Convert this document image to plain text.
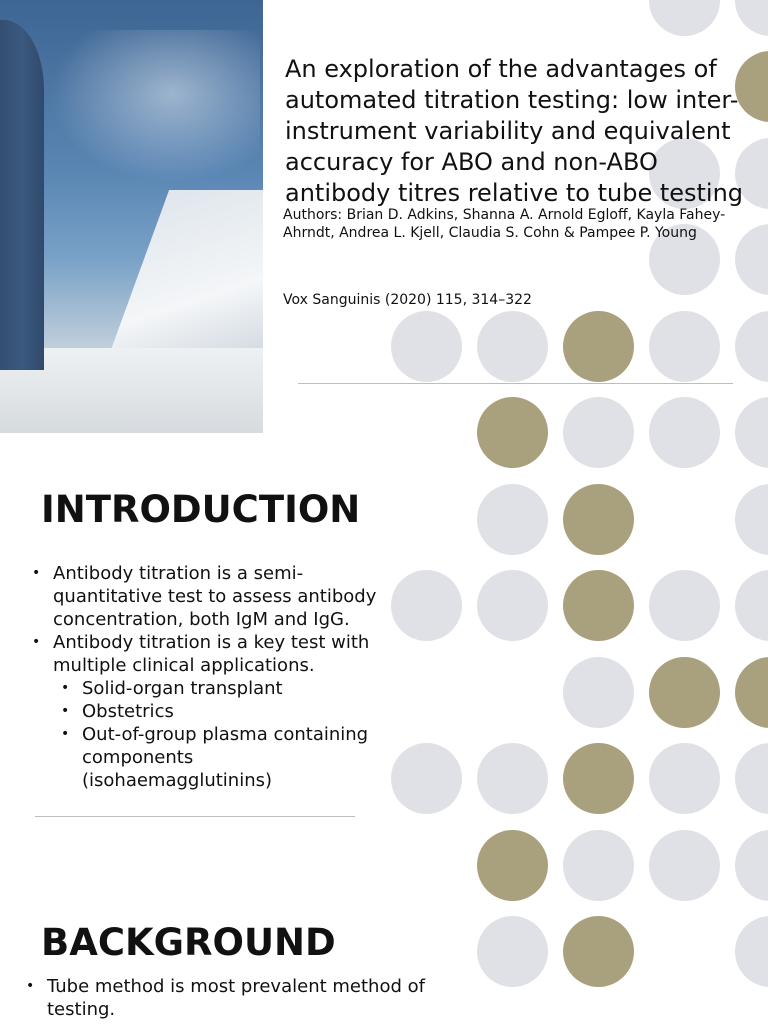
An exploration of the advantages of automated titration testing: low inter-instrument variability and equivalent accuracy for ABO and non-ABO antibody titres relative to tube testing

Authors: Brian D. Adkins, Shanna A. Arnold Egloff, Kayla Fahey-Ahrndt, Andrea L. Kjell, Claudia S. Cohn & Pampee P. Young

Vox Sanguinis (2020) 115, 314–322

INTRODUCTION
• Antibody titration is a semi-quantitative test to assess antibody concentration, both IgM and IgG.
• Antibody titration is a key test with multiple clinical applications.
• Solid-organ transplant
• Obstetrics
• Out-of-group plasma containing components (isohaemagglutinins)
BACKGROUND
• Tube method is most prevalent method of testing.
